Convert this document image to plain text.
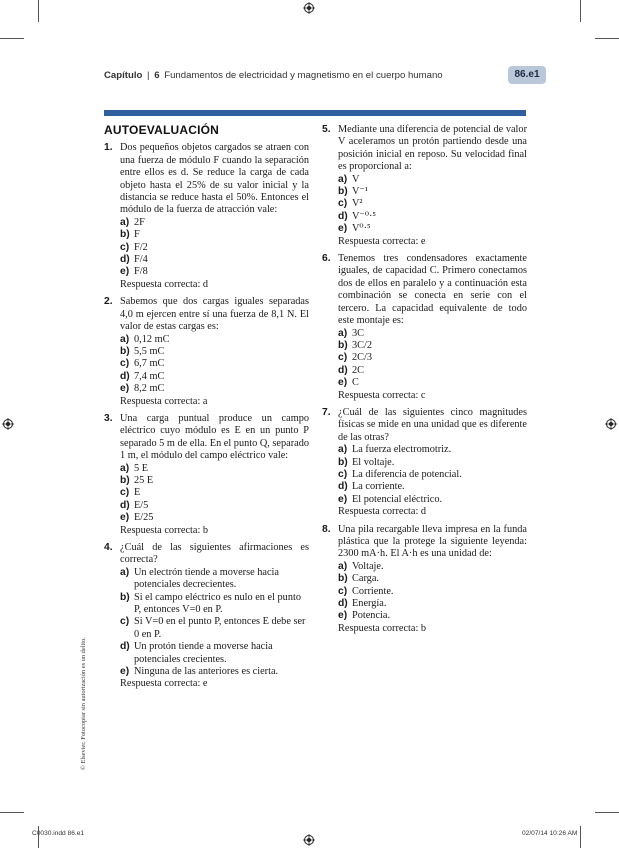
Capítulo | 6 Fundamentos de electricidad y magnetismo en el cuerpo humano	86.e1
AUTOEVALUACIÓN
1. Dos pequeños objetos cargados se atraen con una fuerza de módulo F cuando la separación entre ellos es d. Se reduce la carga de cada objeto hasta el 25% de su valor inicial y la distancia se reduce hasta el 50%. Entonces el módulo de la fuerza de atracción vale:
a) 2F
b) F
c) F/2
d) F/4
e) F/8
Respuesta correcta: d
2. Sabemos que dos cargas iguales separadas 4,0 m ejercen entre sí una fuerza de 8,1 N. El valor de estas cargas es:
a) 0,12 mC
b) 5,5 mC
c) 6,7 mC
d) 7,4 mC
e) 8,2 mC
Respuesta correcta: a
3. Una carga puntual produce un campo eléctrico cuyo módulo es E en un punto P separado 5 m de ella. En el punto Q, separado 1 m, el módulo del campo eléctrico vale:
a) 5 E
b) 25 E
c) E
d) E/5
e) E/25
Respuesta correcta: b
4. ¿Cuál de las siguientes afirmaciones es correcta?
a) Un electrón tiende a moverse hacia potenciales decrecientes.
b) Si el campo eléctrico es nulo en el punto P, entonces V=0 en P.
c) Si V=0 en el punto P, entonces E debe ser 0 en P.
d) Un protón tiende a moverse hacia potenciales crecientes.
e) Ninguna de las anteriores es cierta.
Respuesta correcta: e
5. Mediante una diferencia de potencial de valor V aceleramos un protón partiendo desde una posición inicial en reposo. Su velocidad final es proporcional a:
a) V
b) V⁻¹
c) V²
d) V⁻⁰·⁵
e) V⁰·⁵
Respuesta correcta: e
6. Tenemos tres condensadores exactamente iguales, de capacidad C. Primero conectamos dos de ellos en paralelo y a continuación esta combinación se conecta en serie con el tercero. La capacidad equivalente de todo este montaje es:
a) 3C
b) 3C/2
c) 2C/3
d) 2C
e) C
Respuesta correcta: c
7. ¿Cuál de las siguientes cinco magnitudes físicas se mide en una unidad que es diferente de las otras?
a) La fuerza electromotriz.
b) El voltaje.
c) La diferencia de potencial.
d) La corriente.
e) El potencial eléctrico.
Respuesta correcta: d
8. Una pila recargable lleva impresa en la funda plástica que la protege la siguiente leyenda: 2300 mA·h. El A·h es una unidad de:
a) Voltaje.
b) Carga.
c) Corriente.
d) Energía.
e) Potencia.
Respuesta correcta: b
© Elsevier. Fotocopiar sin autorización es un delito.
C0030.indd 86.e1	02/07/14 10:26 AM
